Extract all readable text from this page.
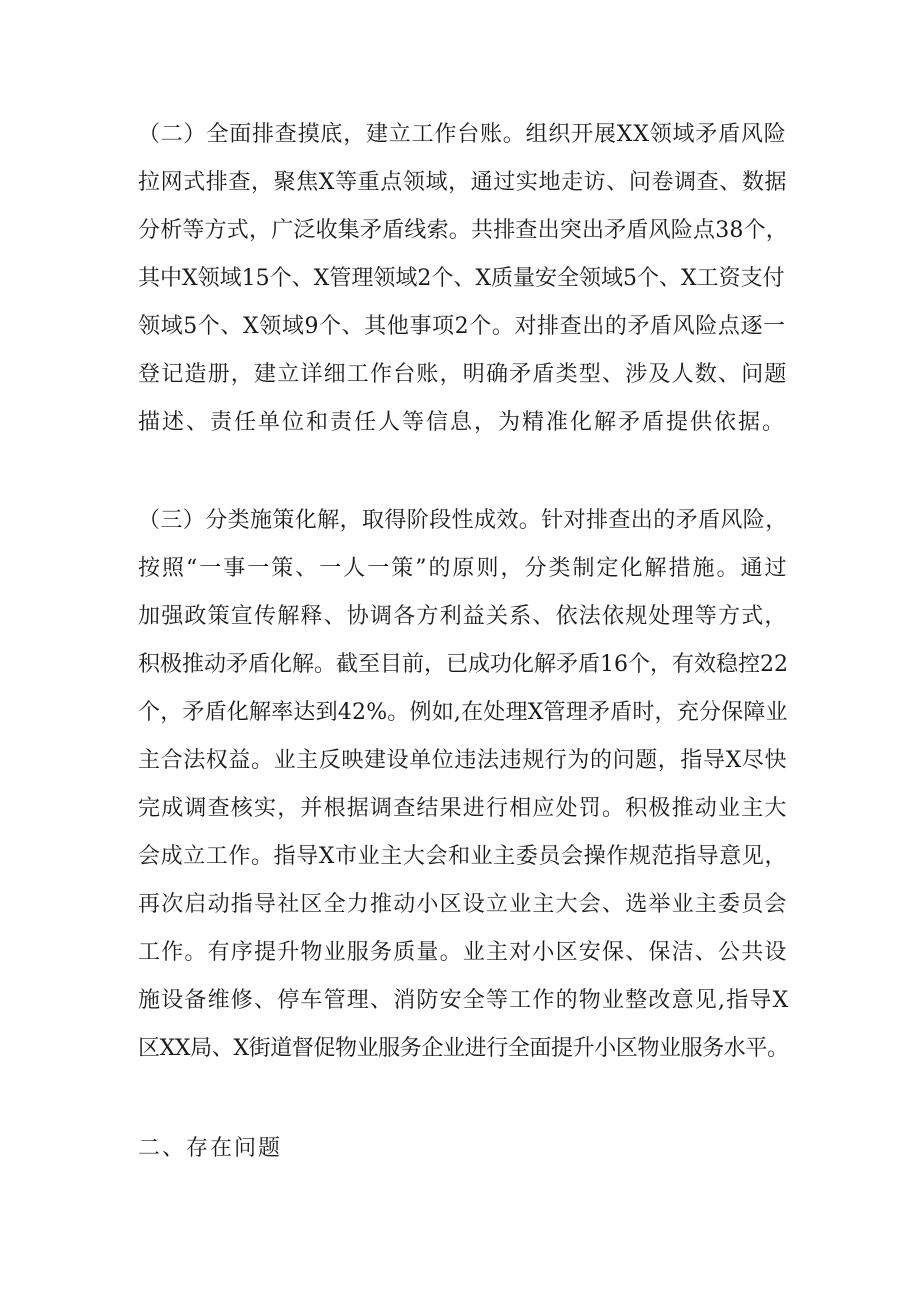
（二）全面排查摸底，建立工作台账。组织开展XX领域矛盾风险
拉网式排查，聚焦X等重点领域，通过实地走访、问卷调查、数据
分析等方式，广泛收集矛盾线索。共排查出突出矛盾风险点38个，
其中X领域15个、X管理领域2个、X质量安全领域5个、X工资支付
领域5个、X领域9个、其他事项2个。对排查出的矛盾风险点逐一
登记造册，建立详细工作台账，明确矛盾类型、涉及人数、问题
描述、责任单位和责任人等信息，为精准化解矛盾提供依据。
（三）分类施策化解，取得阶段性成效。针对排查出的矛盾风险，
按照“一事一策、一人一策”的原则，分类制定化解措施。通过
加强政策宣传解释、协调各方利益关系、依法依规处理等方式，
积极推动矛盾化解。截至目前，已成功化解矛盾16个，有效稳控22
个，矛盾化解率达到42%。例如,在处理X管理矛盾时，充分保障业
主合法权益。业主反映建设单位违法违规行为的问题，指导X尽快
完成调查核实，并根据调查结果进行相应处罚。积极推动业主大
会成立工作。指导X市业主大会和业主委员会操作规范指导意见，
再次启动指导社区全力推动小区设立业主大会、选举业主委员会
工作。有序提升物业服务质量。业主对小区安保、保洁、公共设
施设备维修、停车管理、消防安全等工作的物业整改意见,指导X
区XX局、X街道督促物业服务企业进行全面提升小区物业服务水平。
二、存在问题
